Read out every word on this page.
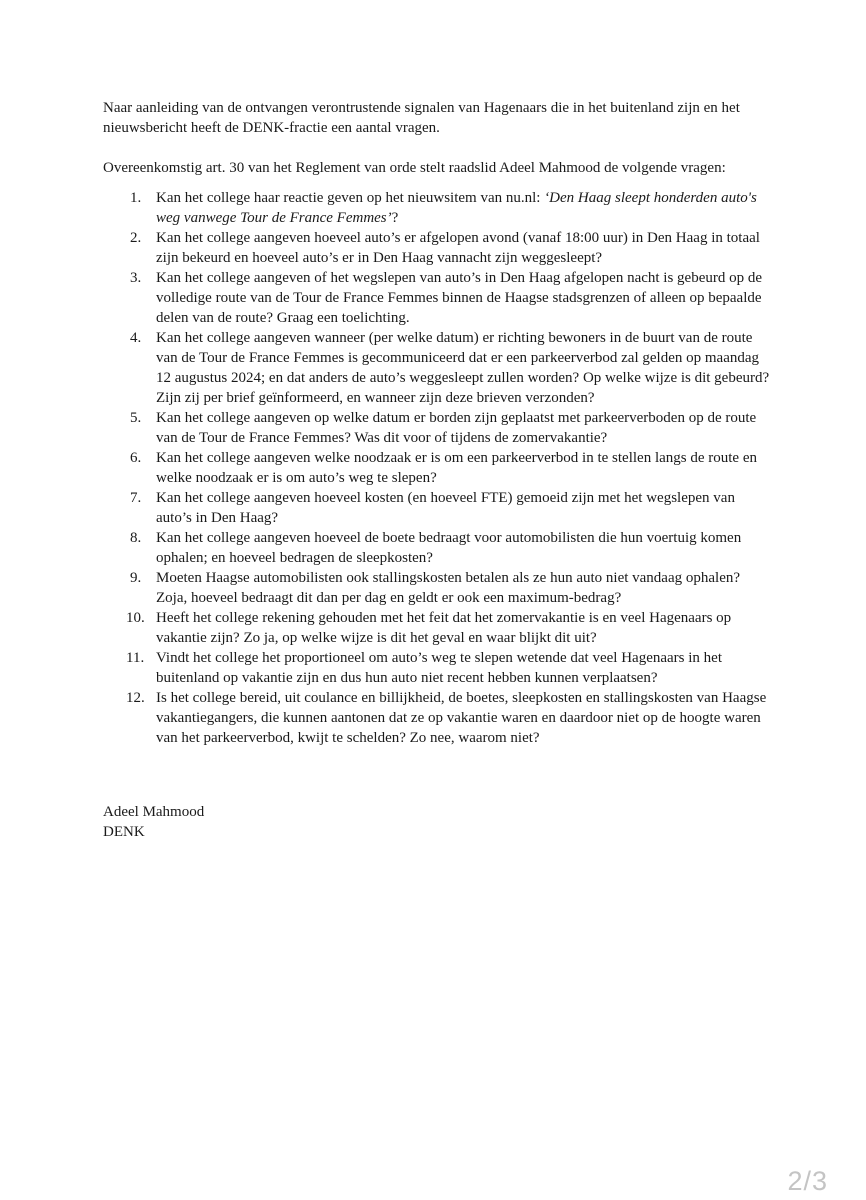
Naar aanleiding van de ontvangen verontrustende signalen van Hagenaars die in het buitenland zijn en het nieuwsbericht heeft de DENK-fractie een aantal vragen.

Overeenkomstig art. 30 van het Reglement van orde stelt raadslid Adeel Mahmood de volgende vragen:

1. Kan het college haar reactie geven op het nieuwsitem van nu.nl: ‘Den Haag sleept honderden auto's weg vanwege Tour de France Femmes’?
2. Kan het college aangeven hoeveel auto’s er afgelopen avond (vanaf 18:00 uur) in Den Haag in totaal zijn bekeurd en hoeveel auto’s er in Den Haag vannacht zijn weggesleept?
3. Kan het college aangeven of het wegslepen van auto’s in Den Haag afgelopen nacht is gebeurd op de volledige route van de Tour de France Femmes binnen de Haagse stadsgrenzen of alleen op bepaalde delen van de route? Graag een toelichting.
4. Kan het college aangeven wanneer (per welke datum) er richting bewoners in de buurt van de route van de Tour de France Femmes is gecommuniceerd dat er een parkeerverbod zal gelden op maandag 12 augustus 2024; en dat anders de auto’s weggesleept zullen worden? Op welke wijze is dit gebeurd? Zijn zij per brief geïnformeerd, en wanneer zijn deze brieven verzonden?
5. Kan het college aangeven op welke datum er borden zijn geplaatst met parkeerverboden op de route van de Tour de France Femmes? Was dit voor of tijdens de zomervakantie?
6. Kan het college aangeven welke noodzaak er is om een parkeerverbod in te stellen langs de route en welke noodzaak er is om auto’s weg te slepen?
7. Kan het college aangeven hoeveel kosten (en hoeveel FTE) gemoeid zijn met het wegslepen van auto’s in Den Haag?
8. Kan het college aangeven hoeveel de boete bedraagt voor automobilisten die hun voertuig komen ophalen; en hoeveel bedragen de sleepkosten?
9. Moeten Haagse automobilisten ook stallingskosten betalen als ze hun auto niet vandaag ophalen? Zoja, hoeveel bedraagt dit dan per dag en geldt er ook een maximum-bedrag?
10. Heeft het college rekening gehouden met het feit dat het zomervakantie is en veel Hagenaars op vakantie zijn? Zo ja, op welke wijze is dit het geval en waar blijkt dit uit?
11. Vindt het college het proportioneel om auto’s weg te slepen wetende dat veel Hagenaars in het buitenland op vakantie zijn en dus hun auto niet recent hebben kunnen verplaatsen?
12. Is het college bereid, uit coulance en billijkheid, de boetes, sleepkosten en stallingskosten van Haagse vakantiegangers, die kunnen aantonen dat ze op vakantie waren en daardoor niet op de hoogte waren van het parkeerverbod, kwijt te schelden? Zo nee, waarom niet?
Adeel Mahmood
DENK
2/3
